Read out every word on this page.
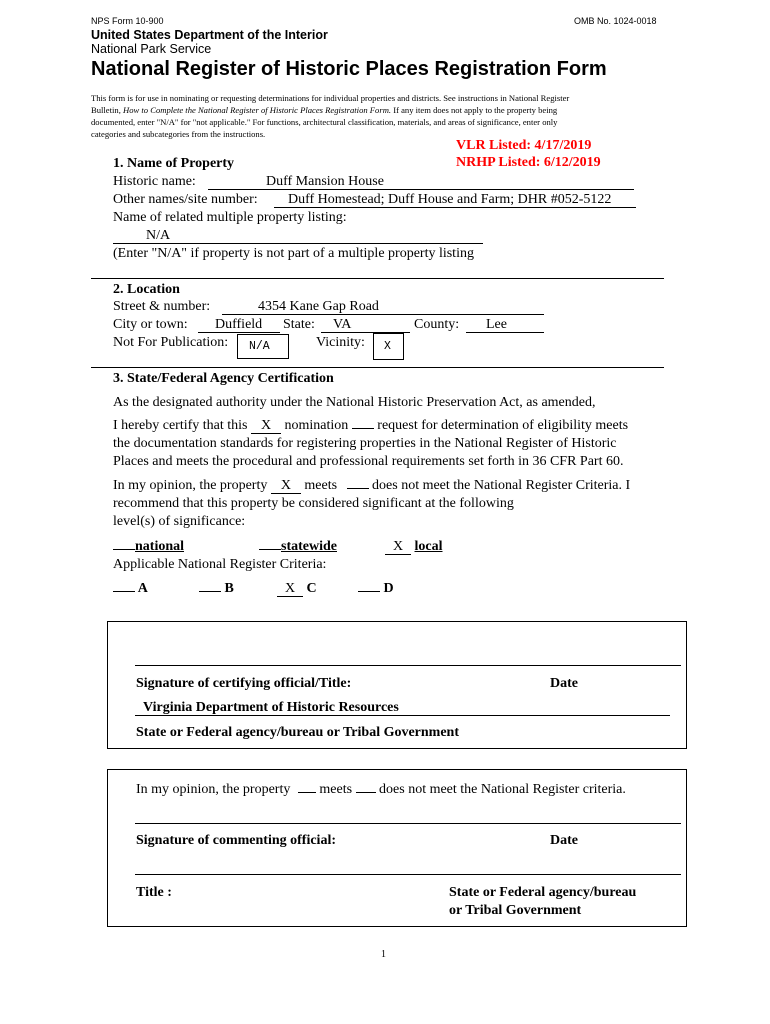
NPS Form 10-900	OMB No. 1024-0018
United States Department of the Interior
National Park Service
National Register of Historic Places Registration Form
This form is for use in nominating or requesting determinations for individual properties and districts. See instructions in National Register
Bulletin, How to Complete the National Register of Historic Places Registration Form. If any item does not apply to the property being
documented, enter "N/A" for "not applicable." For functions, architectural classification, materials, and areas of significance, enter only
categories and subcategories from the instructions.
VLR Listed: 4/17/2019
NRHP Listed: 6/12/2019
1. Name of Property
Historic name:	Duff Mansion House
Other names/site number: Duff Homestead; Duff House and Farm; DHR #052-5122
Name of related multiple property listing:
N/A
(Enter "N/A" if property is not part of a multiple property listing
2. Location
Street & number:	4354 Kane Gap Road
City or town: Duffield State: VA	County: Lee
Not For Publication: N/A	Vicinity: X
3. State/Federal Agency Certification
As the designated authority under the National Historic Preservation Act, as amended,
I hereby certify that this X nomination request for determination of eligibility meets
the documentation standards for registering properties in the National Register of Historic
Places and meets the procedural and professional requirements set forth in 36 CFR Part 60.
In my opinion, the property X meets	does not meet the National Register Criteria. I
recommend that this property be considered significant at the following
level(s) of significance:
national	statewide	X local
Applicable National Register Criteria:
A	B	X C	D
Signature of certifying official/Title:	Date
Virginia Department of Historic Resources
State or Federal agency/bureau or Tribal Government
In my opinion, the property meets does not meet the National Register criteria.
Signature of commenting official:	Date
Title :	State or Federal agency/bureau
or Tribal Government
1
